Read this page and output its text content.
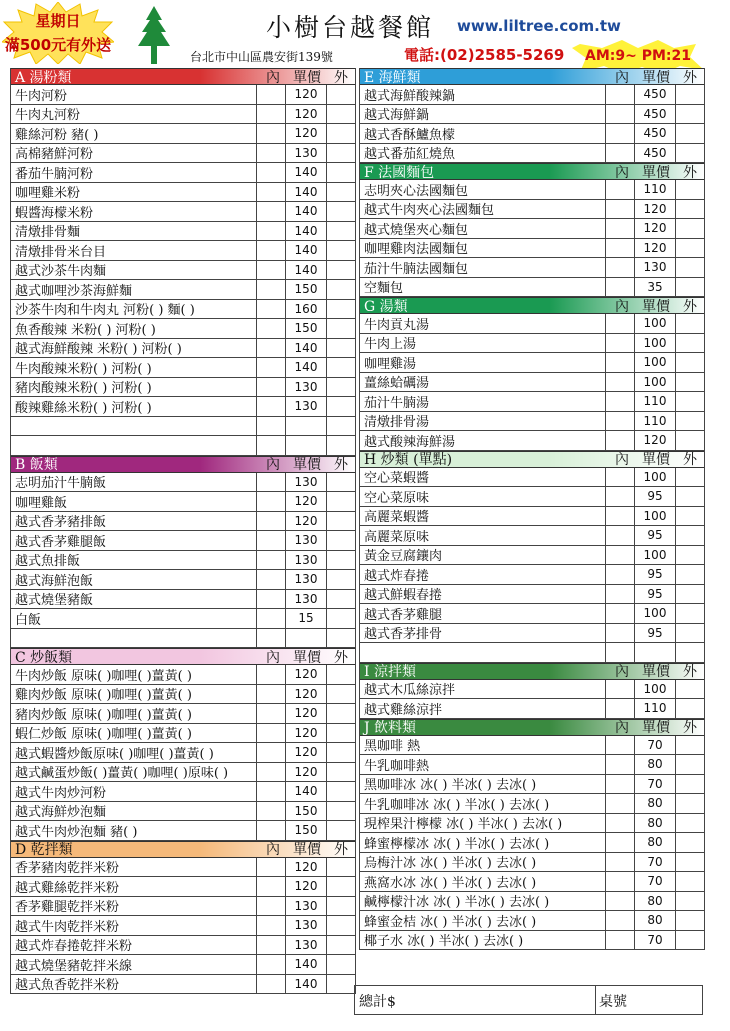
星期日
滿500元有外送
小樹台越餐館 www.liltree.com.tw
台北市中山區農安街139號	電話:(02)2585-5269	AM:9~ PM:21
A 湯粉類	內 單價 外
牛肉河粉	120
牛肉丸河粉	120
雞絲河粉 豬( )	120
高棉豬鮮河粉	130
番茄牛腩河粉	140
咖哩雞米粉	140
蝦醬海檬米粉	140
清燉排骨麵	140
清燉排骨米台目	140
越式沙茶牛肉麵	140
越式咖哩沙茶海鮮麵	150
沙茶牛肉和牛肉丸 河粉( ) 麵( )	160
魚香酸辣 米粉( ) 河粉( )	150
越式海鮮酸辣 米粉( ) 河粉( )	140
牛肉酸辣米粉( ) 河粉( )	140
豬肉酸辣米粉( ) 河粉( )	130
酸辣雞絲米粉( ) 河粉( )	130
B 飯類	內 單價 外
志明茄汁牛腩飯	130
咖哩雞飯	120
越式香茅豬排飯	120
越式香茅雞腿飯	130
越式魚排飯	130
越式海鮮泡飯	130
越式燒堡豬飯	130
白飯	15
C 炒飯類	內 單價 外
牛肉炒飯 原味( )咖哩( )薑黃( )	120
雞肉炒飯 原味( )咖哩( )薑黃( )	120
豬肉炒飯 原味( )咖哩( )薑黃( )	120
蝦仁炒飯 原味( )咖哩( )薑黃( )	120
越式蝦醬炒飯原味( )咖哩( )薑黃( )	120
越式鹹蛋炒飯( )薑黃( )咖哩( )原味( )	120
越式牛肉炒河粉	140
越式海鮮炒泡麵	150
越式牛肉炒泡麵 豬( )	150
D 乾拌類	內 單價 外
香茅豬肉乾拌米粉	120
越式雞絲乾拌米粉	120
香茅雞腿乾拌米粉	130
越式牛肉乾拌米粉	130
越式炸春捲乾拌米粉	130
越式燒堡豬乾拌米線	140
越式魚香乾拌米粉	140
E 海鮮類	內 單價 外
越式海鮮酸辣鍋	450
越式海鮮鍋	450
越式香酥鱸魚檬	450
越式番茄紅燒魚	450
F 法國麵包	內 單價 外
志明夾心法國麵包	110
越式牛肉夾心法國麵包	120
越式燒堡夾心麵包	120
咖哩雞肉法國麵包	120
茄汁牛腩法國麵包	130
空麵包	35
G 湯類	內 單價 外
牛肉貢丸湯	100
牛肉上湯	100
咖哩雞湯	100
薑絲蛤礪湯	100
茄汁牛腩湯	110
清燉排骨湯	110
越式酸辣海鮮湯	120
H 炒類 (單點)	內 單價 外
空心菜蝦醬	100
空心菜原味	95
高麗菜蝦醬	100
高麗菜原味	95
黃金豆腐鑲肉	100
越式炸春捲	95
越式鮮蝦春捲	95
越式香茅雞腿	100
越式香茅排骨	95
I 涼拌類	內 單價 外
越式木瓜絲涼拌	100
越式雞絲涼拌	110
J 飲料類	內 單價 外
黑咖啡 熱	70
牛乳咖啡熱	80
黑咖啡冰 冰( ) 半冰( ) 去冰( )	70
牛乳咖啡冰 冰( ) 半冰( ) 去冰( )	80
現榨果汁檸檬 冰( ) 半冰( ) 去冰( )	80
蜂蜜檸檬冰 冰( ) 半冰( ) 去冰( )	80
烏梅汁冰 冰( ) 半冰( ) 去冰( )	70
燕窩水冰 冰( ) 半冰( ) 去冰( )	70
鹹檸檬汁冰 冰( ) 半冰( ) 去冰( )	80
蜂蜜金桔 冰( ) 半冰( ) 去冰( )	80
椰子水 冰( ) 半冰( ) 去冰( )	70
總計$	桌號
